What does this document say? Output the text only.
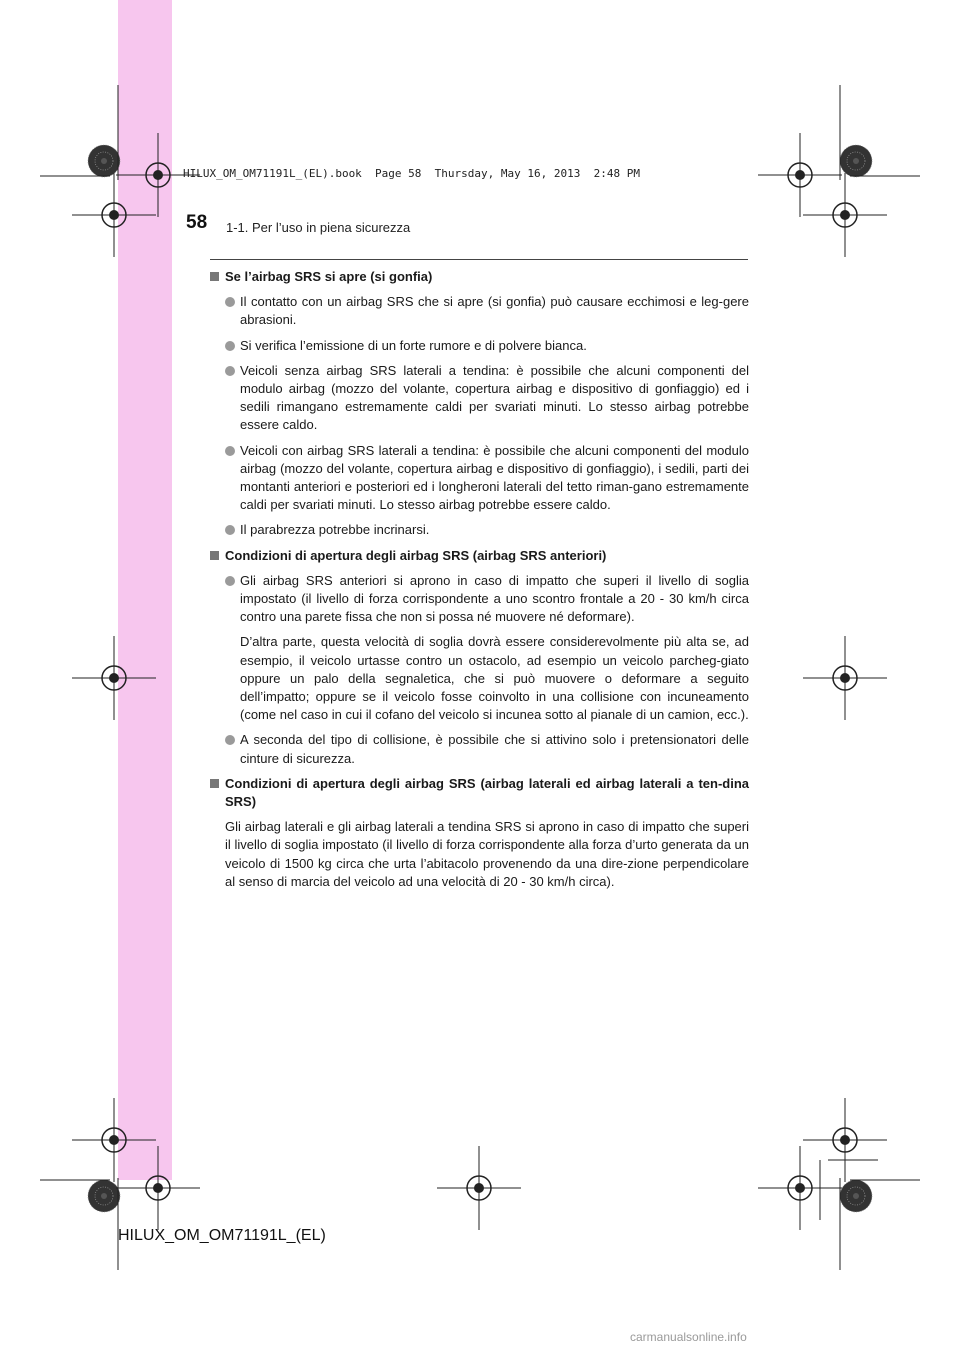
HILUX_OM_OM71191L_(EL).book  Page 58  Thursday, May 16, 2013  2:48 PM
58 1-1. Per l’uso in piena sicurezza
Se l’airbag SRS si apre (si gonfia)
Il contatto con un airbag SRS che si apre (si gonfia) può causare ecchimosi e leg-gere abrasioni.
Si verifica l’emissione di un forte rumore e di polvere bianca.
Veicoli senza airbag SRS laterali a tendina: è possibile che alcuni componenti del modulo airbag (mozzo del volante, copertura airbag e dispositivo di gonfiaggio) ed i sedili rimangano estremamente caldi per svariati minuti. Lo stesso airbag potrebbe essere caldo.
Veicoli con airbag SRS laterali a tendina: è possibile che alcuni componenti del modulo airbag (mozzo del volante, copertura airbag e dispositivo di gonfiaggio), i sedili, parti dei montanti anteriori e posteriori ed i longheroni laterali del tetto riman-gano estremamente caldi per svariati minuti. Lo stesso airbag potrebbe essere caldo.
Il parabrezza potrebbe incrinarsi.
Condizioni di apertura degli airbag SRS (airbag SRS anteriori)
Gli airbag SRS anteriori si aprono in caso di impatto che superi il livello di soglia impostato (il livello di forza corrispondente a uno scontro frontale a 20 - 30 km/h circa contro una parete fissa che non si possa né muovere né deformare).
D’altra parte, questa velocità di soglia dovrà essere considerevolmente più alta se, ad esempio, il veicolo urtasse contro un ostacolo, ad esempio un veicolo parcheg-giato oppure un palo della segnaletica, che si può muovere o deformare a seguito dell’impatto; oppure se il veicolo fosse coinvolto in una collisione con incuneamento (come nel caso in cui il cofano del veicolo si incunea sotto al pianale di un camion, ecc.).
A seconda del tipo di collisione, è possibile che si attivino solo i pretensionatori delle cinture di sicurezza.
Condizioni di apertura degli airbag SRS (airbag laterali ed airbag laterali a ten-dina SRS)
Gli airbag laterali e gli airbag laterali a tendina SRS si aprono in caso di impatto che superi il livello di soglia impostato (il livello di forza corrispondente alla forza d’urto generata da un veicolo di 1500 kg circa che urta l’abitacolo provenendo da una dire-zione perpendicolare al senso di marcia del veicolo ad una velocità di 20 - 30 km/h circa).
HILUX_OM_OM71191L_(EL)
carmanualsonline.info
